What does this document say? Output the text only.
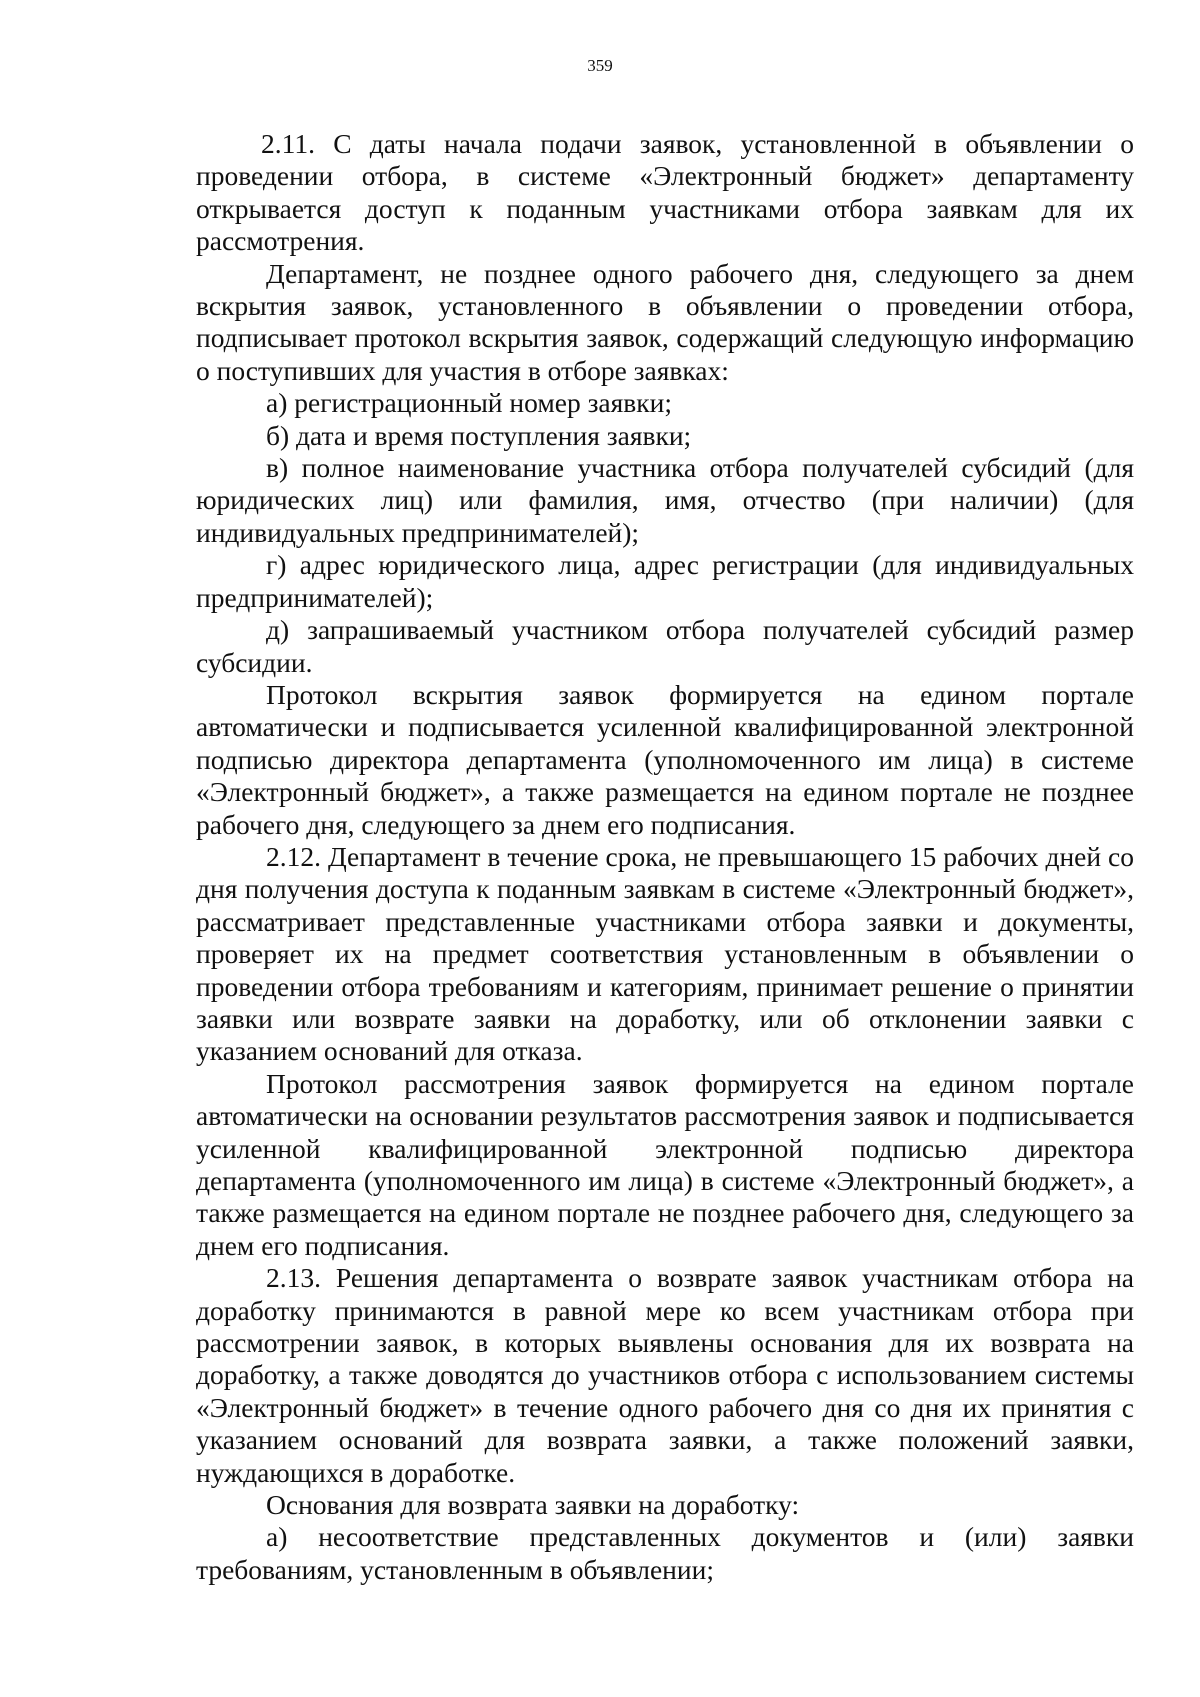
359

2.11. С даты начала подачи заявок, установленной в объявлении о проведении отбора, в системе «Электронный бюджет» департаменту открывается доступ к поданным участниками отбора заявкам для их рассмотрения.

Департамент, не позднее одного рабочего дня, следующего за днем вскрытия заявок, установленного в объявлении о проведении отбора, подписывает протокол вскрытия заявок, содержащий следующую информацию о поступивших для участия в отборе заявках:

а) регистрационный номер заявки;

б) дата и время поступления заявки;

в) полное наименование участника отбора получателей субсидий (для юридических лиц) или фамилия, имя, отчество (при наличии) (для индивидуальных предпринимателей);

г) адрес юридического лица, адрес регистрации (для индивидуальных предпринимателей);

д) запрашиваемый участником отбора получателей субсидий размер субсидии.

Протокол вскрытия заявок формируется на едином портале автоматически и подписывается усиленной квалифицированной электронной подписью директора департамента (уполномоченного им лица) в системе «Электронный бюджет», а также размещается на едином портале не позднее рабочего дня, следующего за днем его подписания.

2.12. Департамент в течение срока, не превышающего 15 рабочих дней со дня получения доступа к поданным заявкам в системе «Электронный бюджет», рассматривает представленные участниками отбора заявки и документы, проверяет их на предмет соответствия установленным в объявлении о проведении отбора требованиям и категориям, принимает решение о принятии заявки или возврате заявки на доработку, или об отклонении заявки с указанием оснований для отказа.

Протокол рассмотрения заявок формируется на едином портале автоматически на основании результатов рассмотрения заявок и подписывается усиленной квалифицированной электронной подписью директора департамента (уполномоченного им лица) в системе «Электронный бюджет», а также размещается на едином портале не позднее рабочего дня, следующего за днем его подписания.

2.13. Решения департамента о возврате заявок участникам отбора на доработку принимаются в равной мере ко всем участникам отбора при рассмотрении заявок, в которых выявлены основания для их возврата на доработку, а также доводятся до участников отбора с использованием системы «Электронный бюджет» в течение одного рабочего дня со дня их принятия с указанием оснований для возврата заявки, а также положений заявки, нуждающихся в доработке.

Основания для возврата заявки на доработку:

а) несоответствие представленных документов и (или) заявки требованиям, установленным в объявлении;
